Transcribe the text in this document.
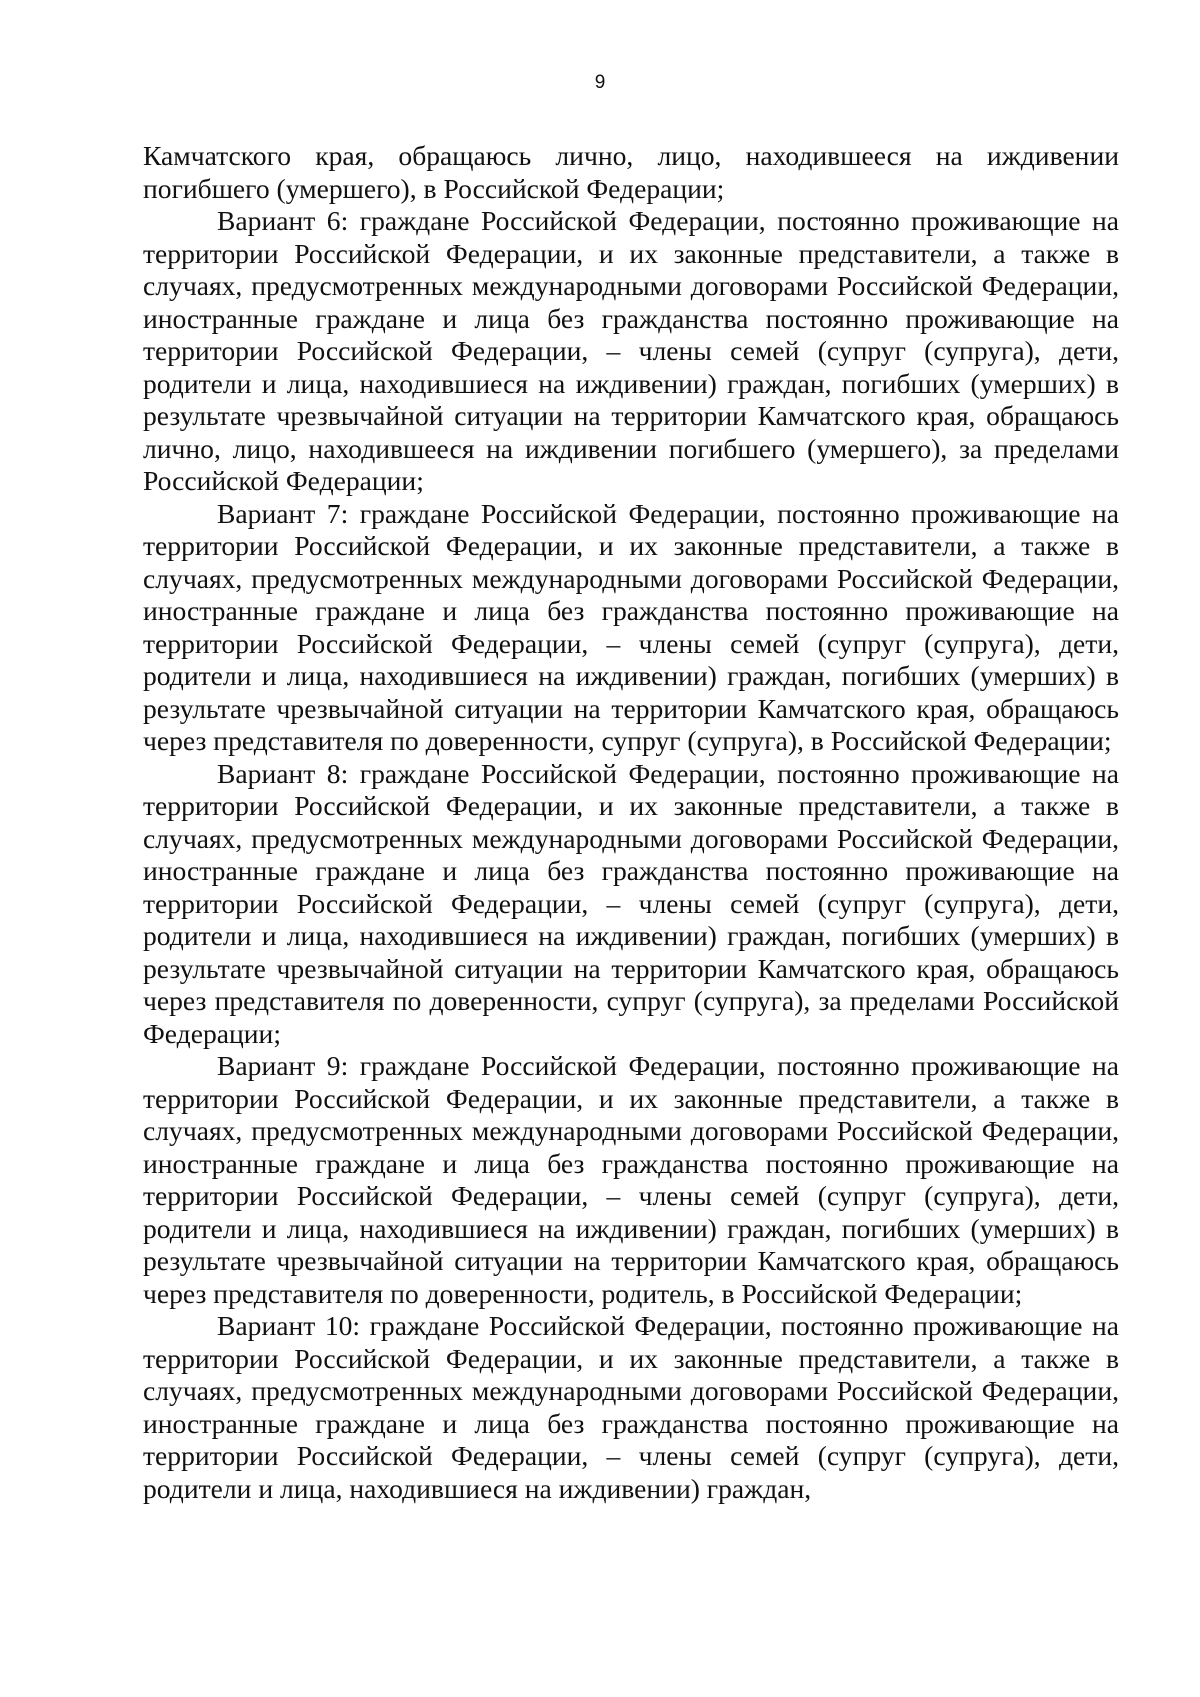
9

Камчатского края, обращаюсь лично, лицо, находившееся на иждивении погибшего (умершего), в Российской Федерации;

Вариант 6: граждане Российской Федерации, постоянно проживающие на территории Российской Федерации, и их законные представители, а также в случаях, предусмотренных международными договорами Российской Федерации, иностранные граждане и лица без гражданства постоянно проживающие на территории Российской Федерации, – члены семей (супруг (супруга), дети, родители и лица, находившиеся на иждивении) граждан, погибших (умерших) в результате чрезвычайной ситуации на территории Камчатского края, обращаюсь лично, лицо, находившееся на иждивении погибшего (умершего), за пределами Российской Федерации;

Вариант 7: граждане Российской Федерации, постоянно проживающие на территории Российской Федерации, и их законные представители, а также в случаях, предусмотренных международными договорами Российской Федерации, иностранные граждане и лица без гражданства постоянно проживающие на территории Российской Федерации, – члены семей (супруг (супруга), дети, родители и лица, находившиеся на иждивении) граждан, погибших (умерших) в результате чрезвычайной ситуации на территории Камчатского края, обращаюсь через представителя по доверенности, супруг (супруга), в Российской Федерации;

Вариант 8: граждане Российской Федерации, постоянно проживающие на территории Российской Федерации, и их законные представители, а также в случаях, предусмотренных международными договорами Российской Федерации, иностранные граждане и лица без гражданства постоянно проживающие на территории Российской Федерации, – члены семей (супруг (супруга), дети, родители и лица, находившиеся на иждивении) граждан, погибших (умерших) в результате чрезвычайной ситуации на территории Камчатского края, обращаюсь через представителя по доверенности, супруг (супруга), за пределами Российской Федерации;

Вариант 9: граждане Российской Федерации, постоянно проживающие на территории Российской Федерации, и их законные представители, а также в случаях, предусмотренных международными договорами Российской Федерации, иностранные граждане и лица без гражданства постоянно проживающие на территории Российской Федерации, – члены семей (супруг (супруга), дети, родители и лица, находившиеся на иждивении) граждан, погибших (умерших) в результате чрезвычайной ситуации на территории Камчатского края, обращаюсь через представителя по доверенности, родитель, в Российской Федерации;

Вариант 10: граждане Российской Федерации, постоянно проживающие на территории Российской Федерации, и их законные представители, а также в случаях, предусмотренных международными договорами Российской Федерации, иностранные граждане и лица без гражданства постоянно проживающие на территории Российской Федерации, – члены семей (супруг (супруга), дети, родители и лица, находившиеся на иждивении) граждан,
